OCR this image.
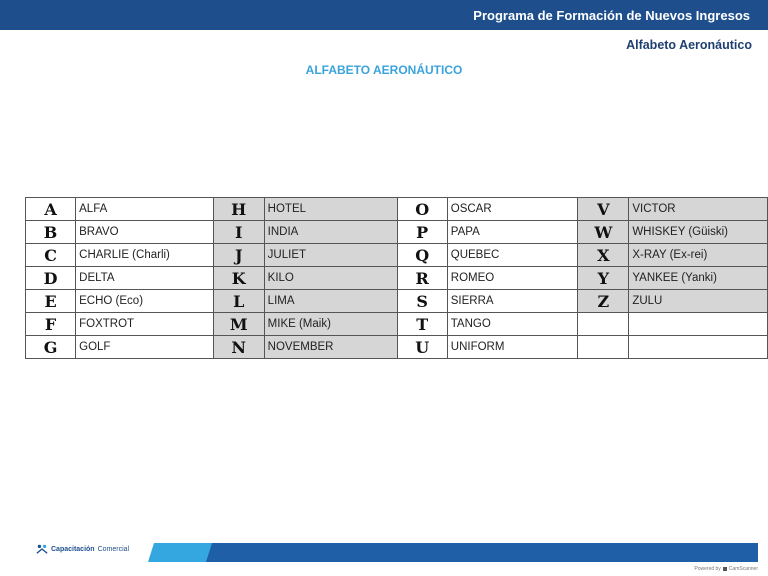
Programa de Formación de Nuevos Ingresos
Alfabeto Aeronáutico
ALFABETO AERONÁUTICO
A	ALFA	H	HOTEL	O	OSCAR	V	VICTOR
B	BRAVO	I	INDIA	P	PAPA	W	WHISKEY (Güiski)
C	CHARLIE (Charli)	J	JULIET	Q	QUEBEC	X	X-RAY (Ex-rei)
D	DELTA	K	KILO	R	ROMEO	Y	YANKEE (Yanki)
E	ECHO (Eco)	L	LIMA	S	SIERRA	Z	ZULU
F	FOXTROT	M	MIKE (Maik)	T	TANGO		
G	GOLF	N	NOVEMBER	U	UNIFORM		
Capacitación Comercial
Powered by CamScanner
